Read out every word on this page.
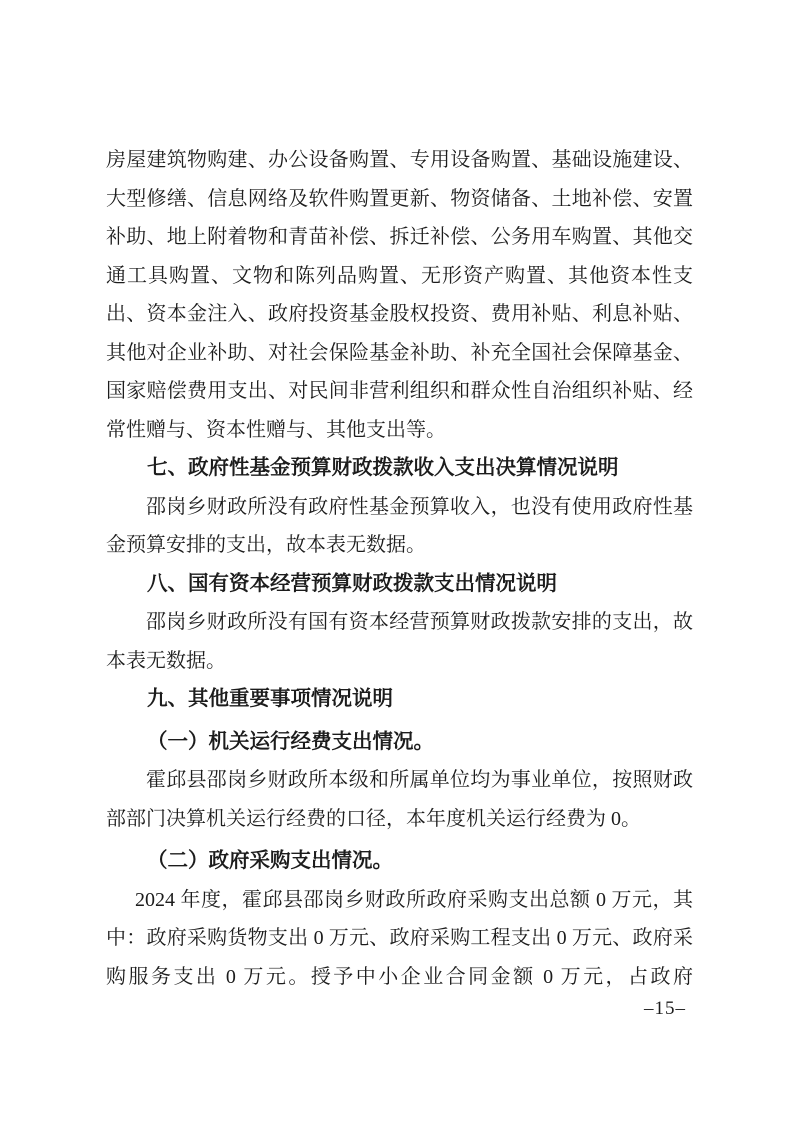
房屋建筑物购建、办公设备购置、专用设备购置、基础设施建设、大型修缮、信息网络及软件购置更新、物资储备、土地补偿、安置补助、地上附着物和青苗补偿、拆迁补偿、公务用车购置、其他交通工具购置、文物和陈列品购置、无形资产购置、其他资本性支出、资本金注入、政府投资基金股权投资、费用补贴、利息补贴、其他对企业补助、对社会保险基金补助、补充全国社会保障基金、国家赔偿费用支出、对民间非营利组织和群众性自治组织补贴、经常性赠与、资本性赠与、其他支出等。

七、政府性基金预算财政拨款收入支出决算情况说明

邵岗乡财政所没有政府性基金预算收入，也没有使用政府性基金预算安排的支出，故本表无数据。

八、国有资本经营预算财政拨款支出情况说明

邵岗乡财政所没有国有资本经营预算财政拨款安排的支出，故本表无数据。

九、其他重要事项情况说明

（一）机关运行经费支出情况。

霍邱县邵岗乡财政所本级和所属单位均为事业单位，按照财政部部门决算机关运行经费的口径，本年度机关运行经费为 0。

（二）政府采购支出情况。

2024 年度，霍邱县邵岗乡财政所政府采购支出总额 0 万元，其中：政府采购货物支出 0 万元、政府采购工程支出 0 万元、政府采购服务支出 0 万元。授予中小企业合同金额 0 万元，占政府

–15–
